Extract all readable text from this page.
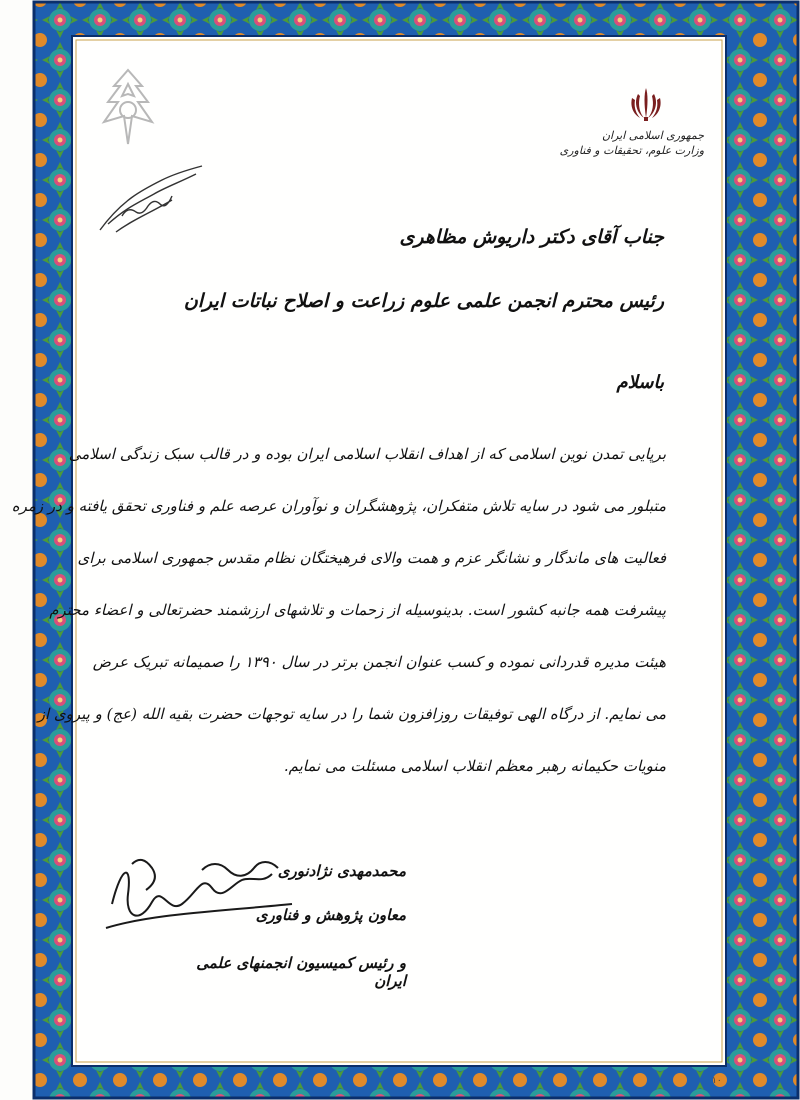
جمهوری اسلامی ایران
وزارت علوم، تحقیقات و فناوری
جناب آقای دکتر داریوش مظاهری
رئیس محترم انجمن علمی علوم زراعت و اصلاح نباتات ایران
باسلام
برپایی تمدن نوین اسلامی که از اهداف انقلاب اسلامی ایران بوده و در قالب سبک زندگی اسلامی
متبلور می شود در سایه تلاش متفکران، پژوهشگران و نوآوران عرصه علم و فناوری تحقق یافته و در زمره
فعالیت های ماندگار و نشانگر عزم و همت والای فرهیختگان نظام مقدس جمهوری اسلامی برای
پیشرفت همه جانبه کشور است. بدینوسیله از زحمات و تلاشهای ارزشمند حضرتعالی و اعضاء محترم
هیئت مدیره قدردانی نموده و کسب عنوان انجمن برتر در سال ۱۳۹۰ را صمیمانه تبریک عرض
می نمایم. از درگاه الهی توفیقات روزافزون شما را در سایه توجهات حضرت بقیه الله (عج) و پیروی از
منویات حکیمانه رهبر معظم انقلاب اسلامی مسئلت می نمایم.
محمدمهدی نژادنوری
معاون پژوهش و فناوری
و رئیس کمیسیون انجمنهای علمی ایران
۱۰
